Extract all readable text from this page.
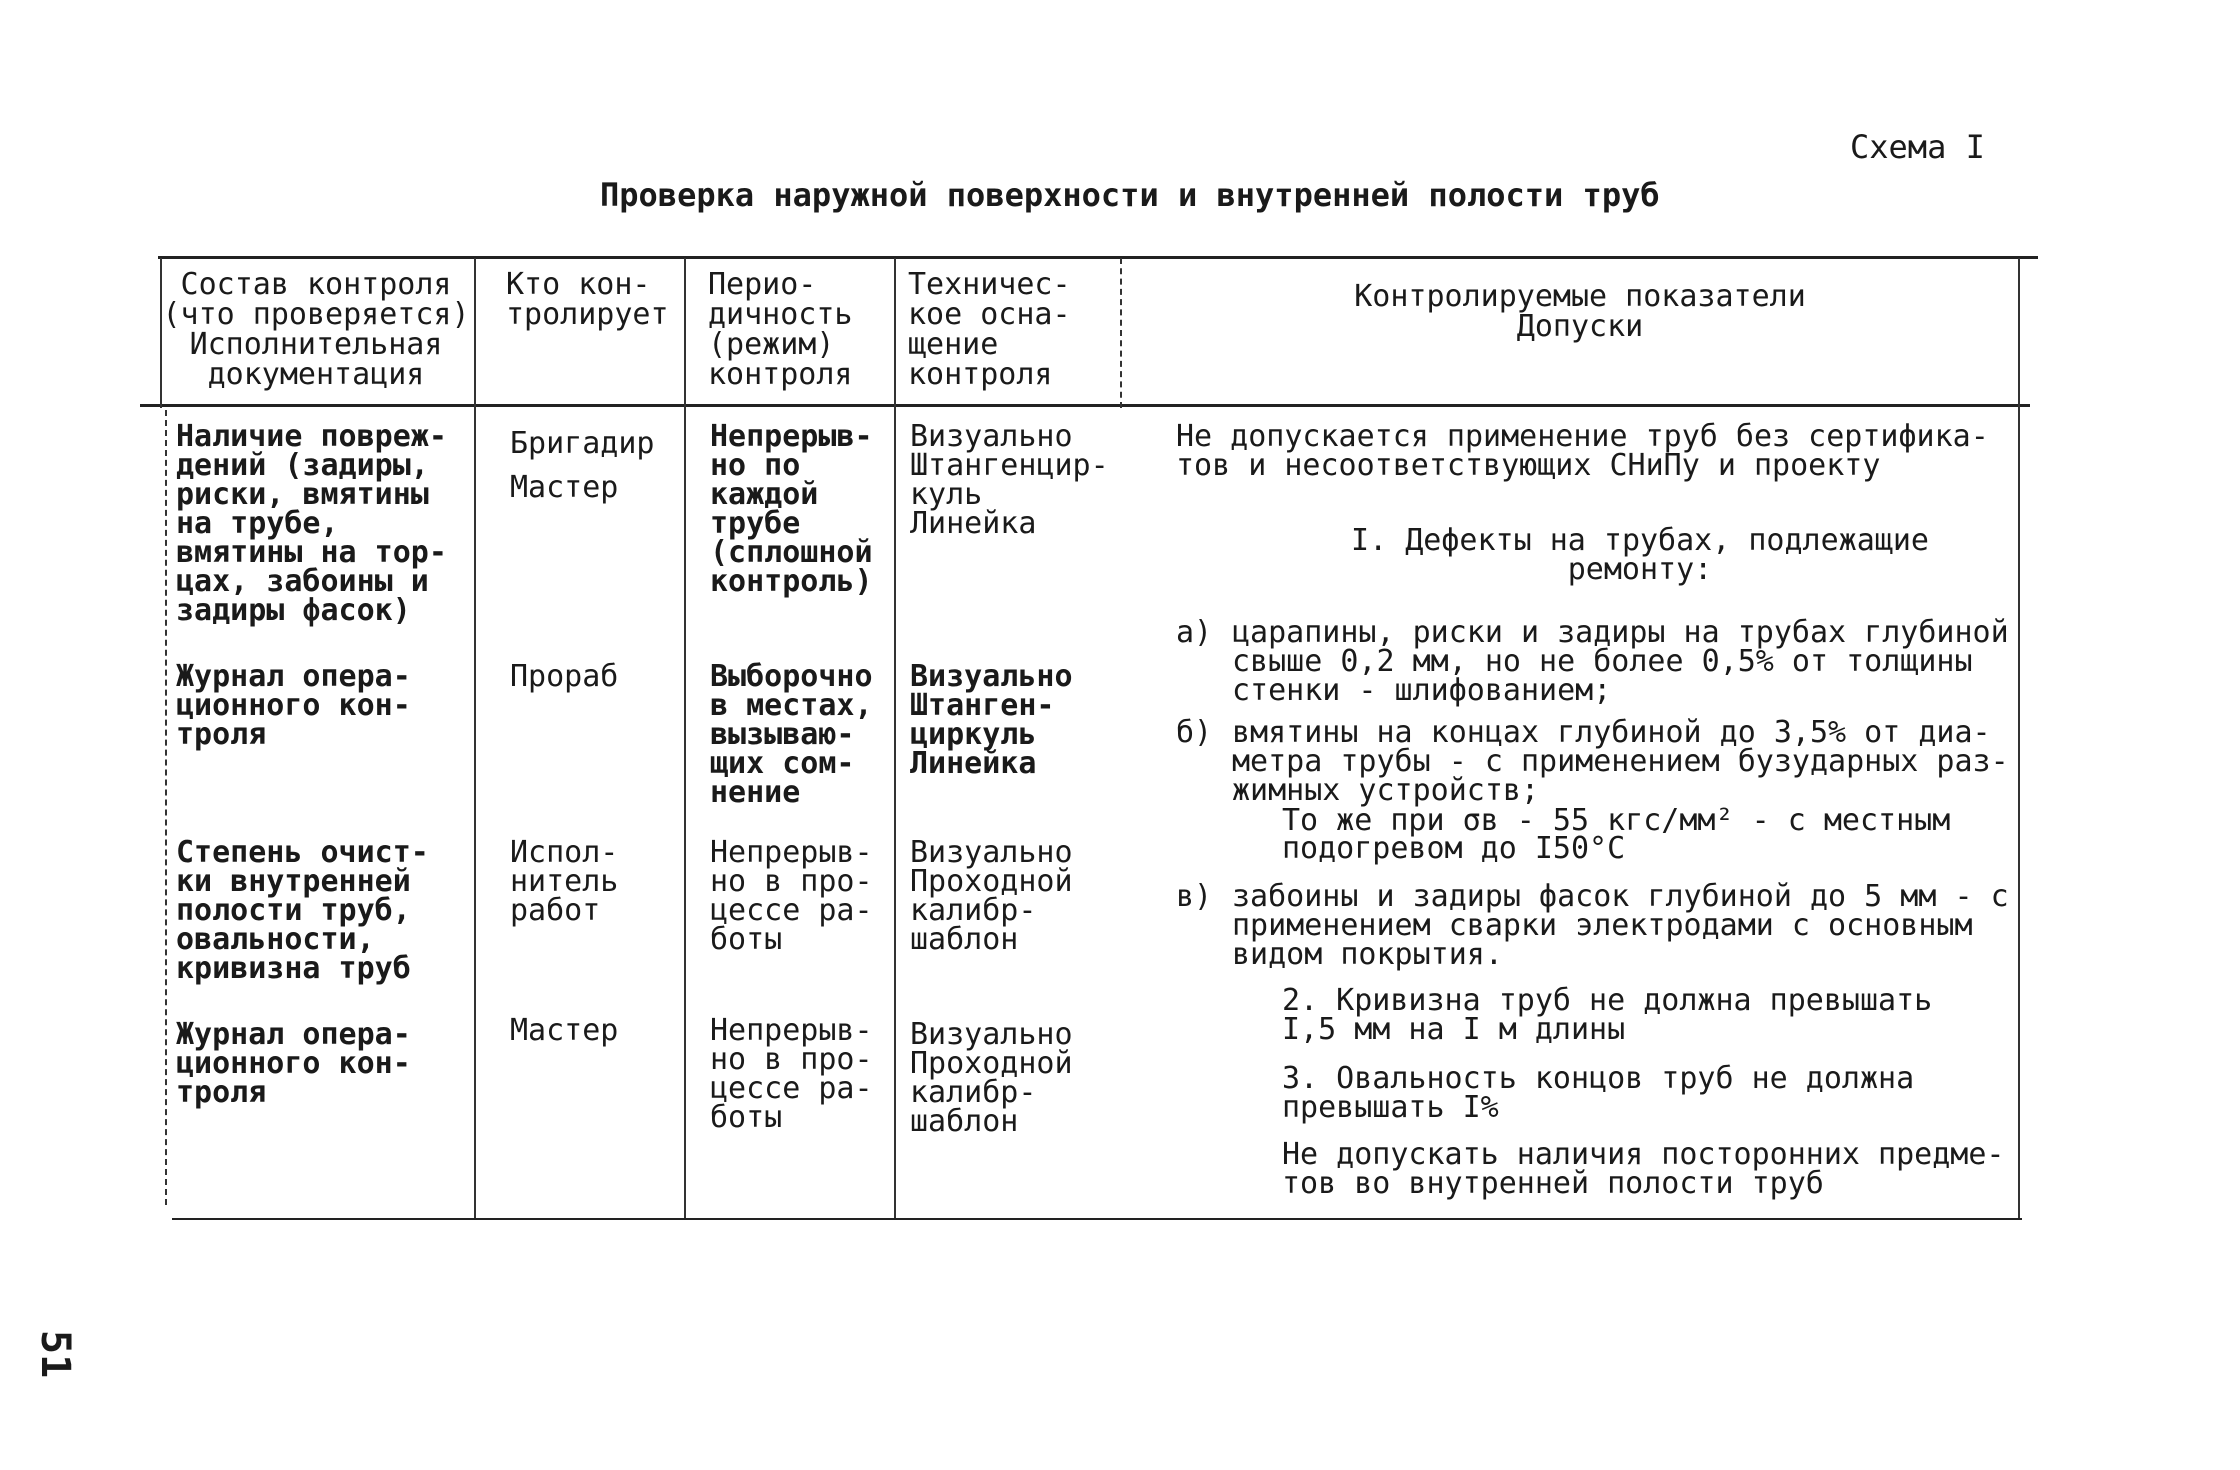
Схема I
Проверка наружной поверхности и внутренней полости труб
Состав контроля
(что проверяется)
Исполнительная
документация
Кто кон-
тролирует
Перио-
дичность
(режим)
контроля
Техничес-
кое осна-
щение
контроля
Контролируемые показатели
Допуски
Наличие повреж-
дений (задиры,
риски, вмятины
на трубе,
вмятины на тор-
цах, забоины и
задиры фасок)
Бригадир
Мастер
Непрерыв-
но по
каждой
трубе
(сплошной
контроль)
Визуально
Штангенцир-
куль
Линейка
Журнал опера-
ционного кон-
троля
Прораб	Выборочно
в местах,
вызываю-
щих сом-
нение
Визуально
Штанген-
циркуль
Линейка
Степень очист-
ки внутренней
полости труб,
овальности,
кривизна труб
Испол-
нитель
работ
Непрерыв-
но в про-
цессе ра-
боты
Визуально
Проходной
калибр-
шаблон
Журнал опера-
ционного кон-
троля
Мастер	Непрерыв-
но в про-
цессе ра-
боты
Визуально
Проходной
калибр-
шаблон
Не допускается применение труб без сертифика-
тов и несоответствующих СНиПу и проекту
I. Дефекты на трубах, подлежащие
ремонту:
а) царапины, риски и задиры на трубах глубиной
свыше 0,2 мм, но не более 0,5% от толщины
стенки - шлифованием;
б) вмятины на концах глубиной до 3,5% от диа-
метра трубы - с применением бузударных раз-
жимных устройств;
То же при σв - 55 кгс/мм² - с местным
подогревом до I50°C
в) забоины и задиры фасок глубиной до 5 мм - с
применением сварки электродами с основным
видом покрытия.
2. Кривизна труб не должна превышать
I,5 мм на I м длины
3. Овальность концов труб не должна
превышать I%
Не допускать наличия посторонних предме-
тов во внутренней полости труб
51
